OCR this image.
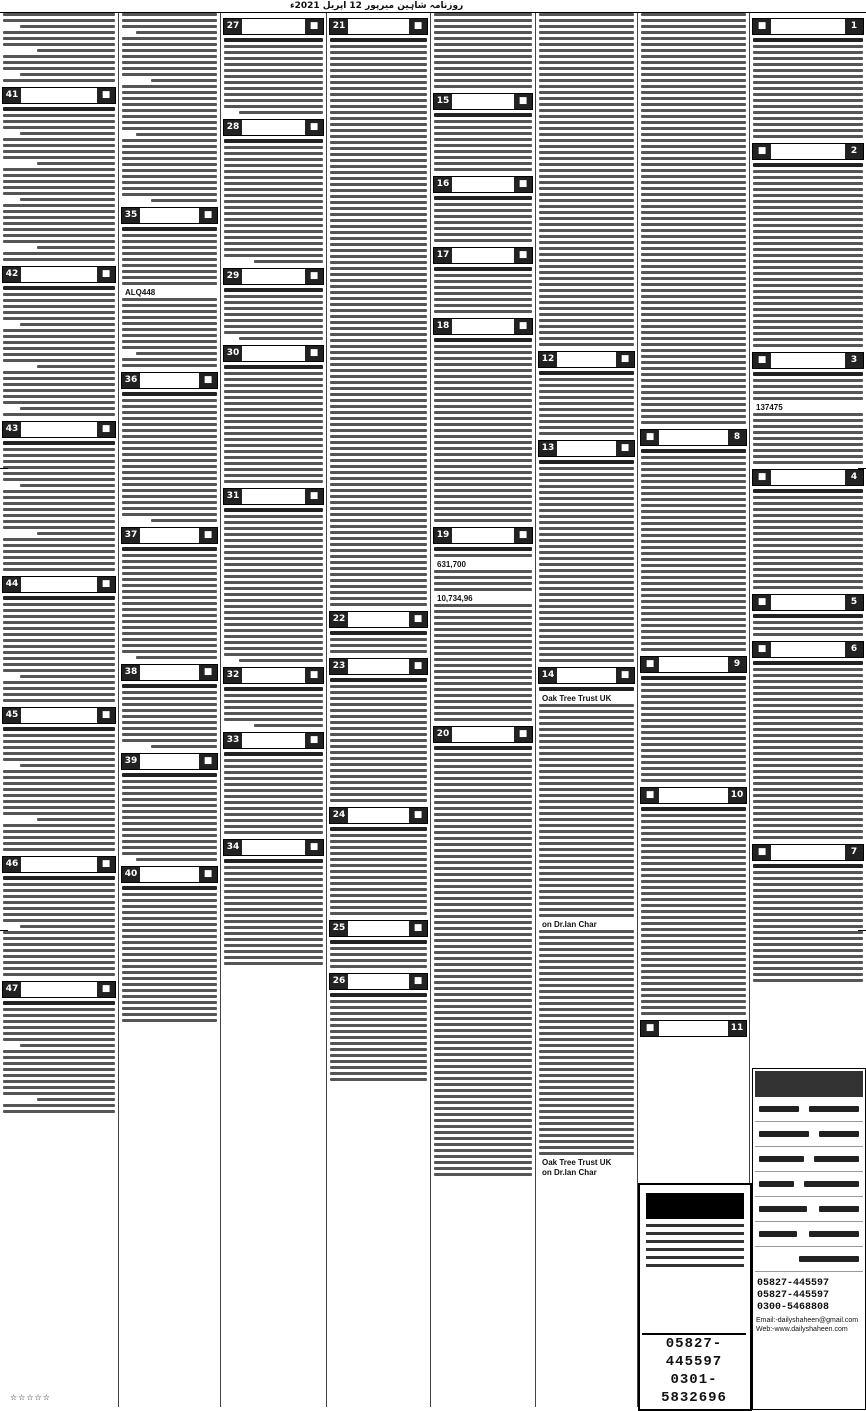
روزنامہ شاہین میرپور 12 اپریل 2021ء
41	■
42	■
43	■
44	■
45	■
46	■
47	■
35	■
ALQ448
36	■
37	■
38	■
39	■
40	■
27	■
28	■
29	■
30	■
31	■
32	■
33	■
34	■
21	■
22	■
23	■
24	■
25	■
26	■
15	■
16	■
17	■
18	■
19	■
631,700
10,734,96
20	■
12	■
13	■
14	■
Oak Tree Trust UK
on Dr.Ian Char
Oak Tree Trust UK
on Dr.Ian Char
8
■
9
■
10
■
11
■
1
■
2
■
3
■
137475
4
■
5
■
6
■
7
■
05827-445597
0301-5832696
05827-445597
05827-445597
0300-5468808
Email:-dailyshaheen@gmail.com
Web:-www.dailyshaheen.com
☆☆☆☆☆
